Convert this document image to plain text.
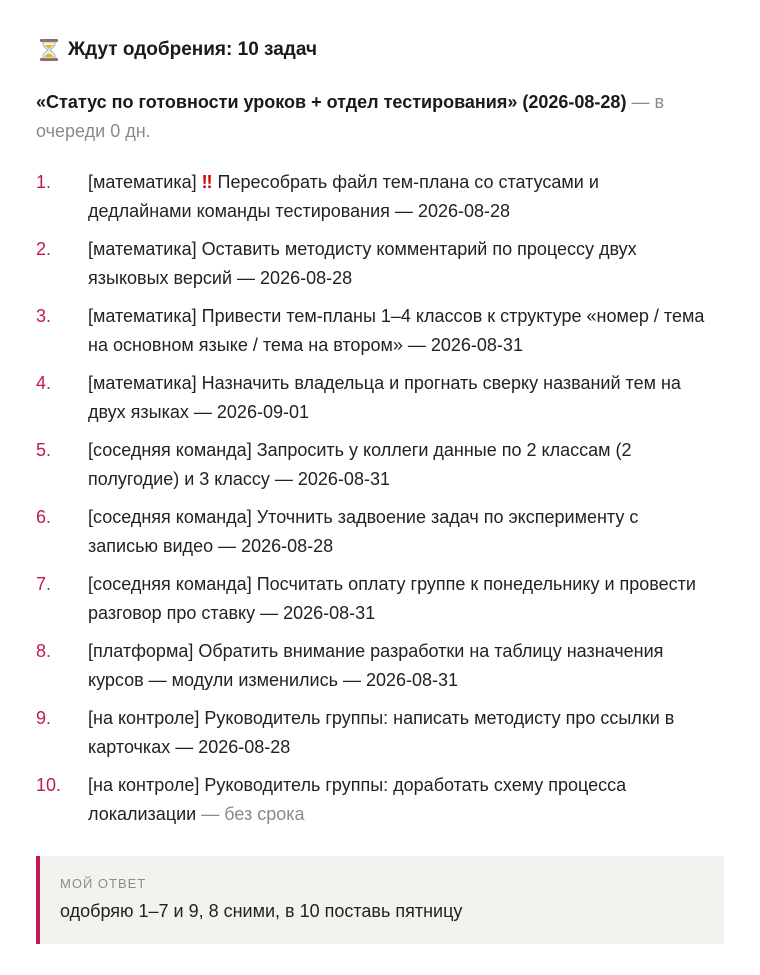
Ждут одобрения: 10 задач
«Статус по готовности уроков + отдел тестирования» (2026-08-28) — в очереди 0 дн.
1.	[математика] ‼ Пересобрать файл тем-плана со статусами и дедлайнами команды тестирования — 2026-08-28
2.	[математика] Оставить методисту комментарий по процессу двух языковых версий — 2026-08-28
3.	[математика] Привести тем-планы 1–4 классов к структуре «номер / тема на основном языке / тема на втором» — 2026-08-31
4.	[математика] Назначить владельца и прогнать сверку названий тем на двух языках — 2026-09-01
5.	[соседняя команда] Запросить у коллеги данные по 2 классам (2 полугодие) и 3 классу — 2026-08-31
6.	[соседняя команда] Уточнить задвоение задач по эксперименту с записью видео — 2026-08-28
7.	[соседняя команда] Посчитать оплату группе к понедельнику и провести разговор про ставку — 2026-08-31
8.	[платформа] Обратить внимание разработки на таблицу назначения курсов — модули изменились — 2026-08-31
9.	[на контроле] Руководитель группы: написать методисту про ссылки в карточках — 2026-08-28
10.	[на контроле] Руководитель группы: доработать схему процесса локализации — без срока
МОЙ ОТВЕТ
одобряю 1–7 и 9, 8 сними, в 10 поставь пятницу
